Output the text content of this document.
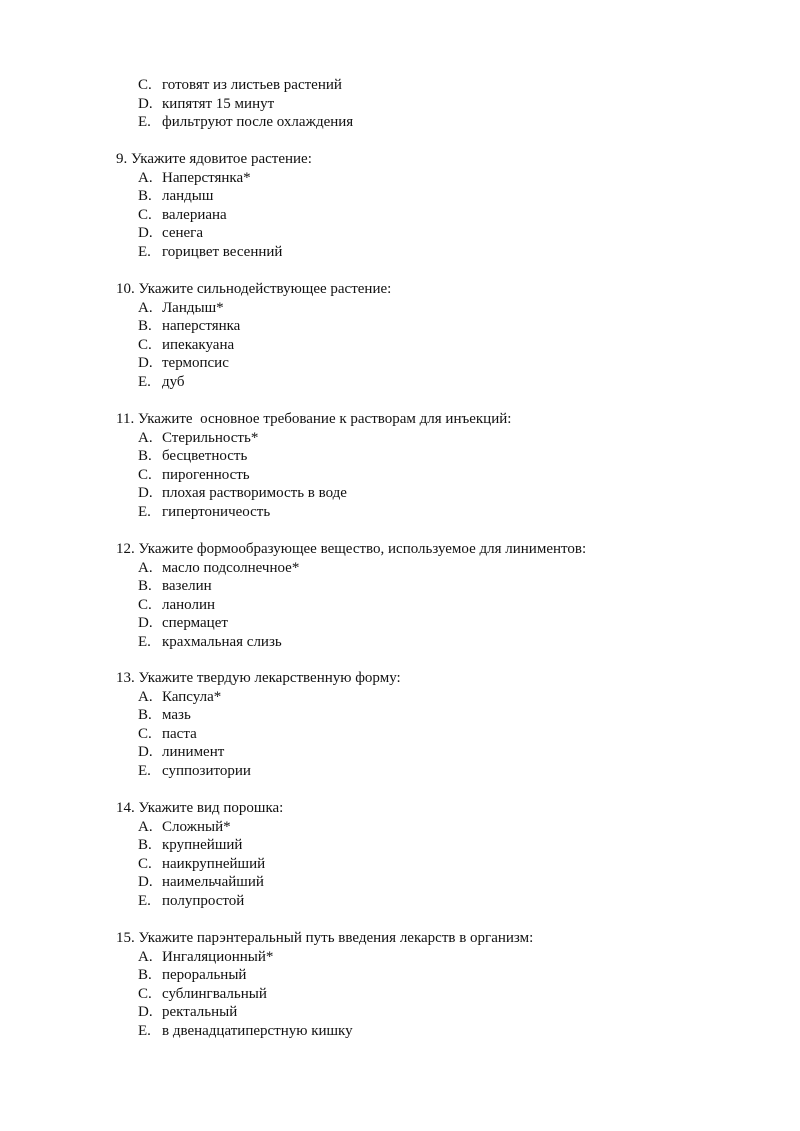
C. готовят из листьев растений
D. кипятят 15 минут
E. фильтруют после охлаждения
9. Укажите ядовитое растение:
A. Наперстянка*
B. ландыш
C. валериана
D. сенега
E. горицвет весенний
10. Укажите сильнодействующее растение:
A. Ландыш*
B. наперстянка
C. ипекакуана
D. термопсис
E. дуб
11. Укажите  основное требование к растворам для инъекций:
A. Стерильность*
B. бесцветность
C. пирогенность
D. плохая растворимость в воде
E. гипертоничеость
12. Укажите формообразующее вещество, используемое для линиментов:
A. масло подсолнечное*
B. вазелин
C. ланолин
D. спермацет
E. крахмальная слизь
13. Укажите твердую лекарственную форму:
A. Капсула*
B. мазь
C. паста
D. линимент
E. суппозитории
14. Укажите вид порошка:
A. Сложный*
B. крупнейший
C. наикрупнейший
D. наимельчайший
E. полупростой
15. Укажите парэнтеральный путь введения лекарств в организм:
A. Ингаляционный*
B. пероральный
C. сублингвальный
D. ректальный
E. в двенадцатиперстную кишку
